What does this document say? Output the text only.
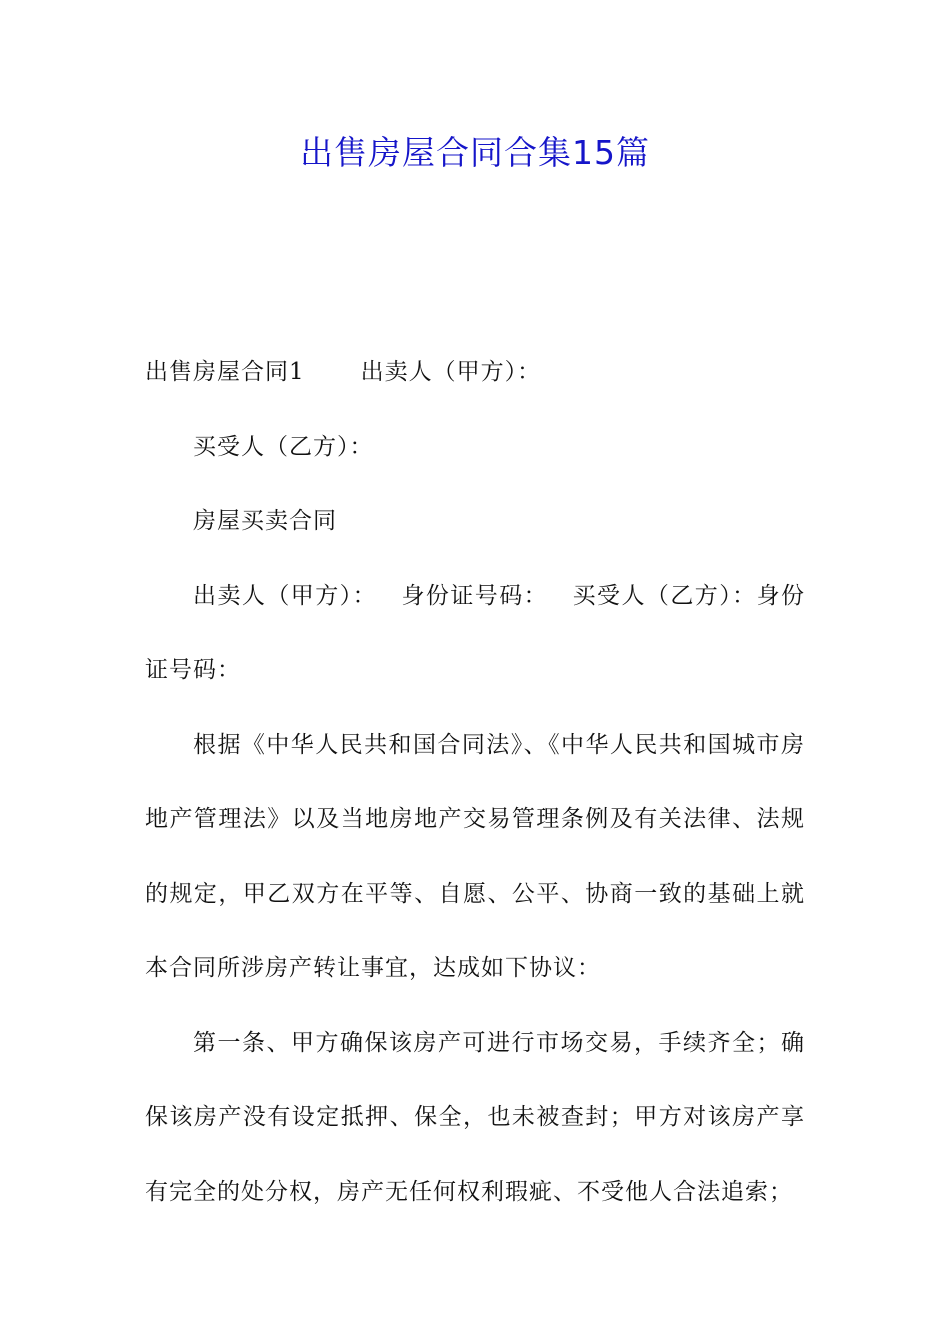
出售房屋合同合集15篇

出售房屋合同1 出卖人（甲方）：

买受人（乙方）：

房屋买卖合同

出卖人（甲方）： 身份证号码： 买受人（乙方）：身份证号码：

根据《中华人民共和国合同法》、《中华人民共和国城市房地产管理法》以及当地房地产交易管理条例及有关法律、法规的规定，甲乙双方在平等、自愿、公平、协商一致的基础上就本合同所涉房产转让事宜，达成如下协议：

第一条、甲方确保该房产可进行市场交易，手续齐全；确保该房产没有设定抵押、保全，也未被查封；甲方对该房产享有完全的处分权，房产无任何权利瑕疵、不受他人合法追索；
